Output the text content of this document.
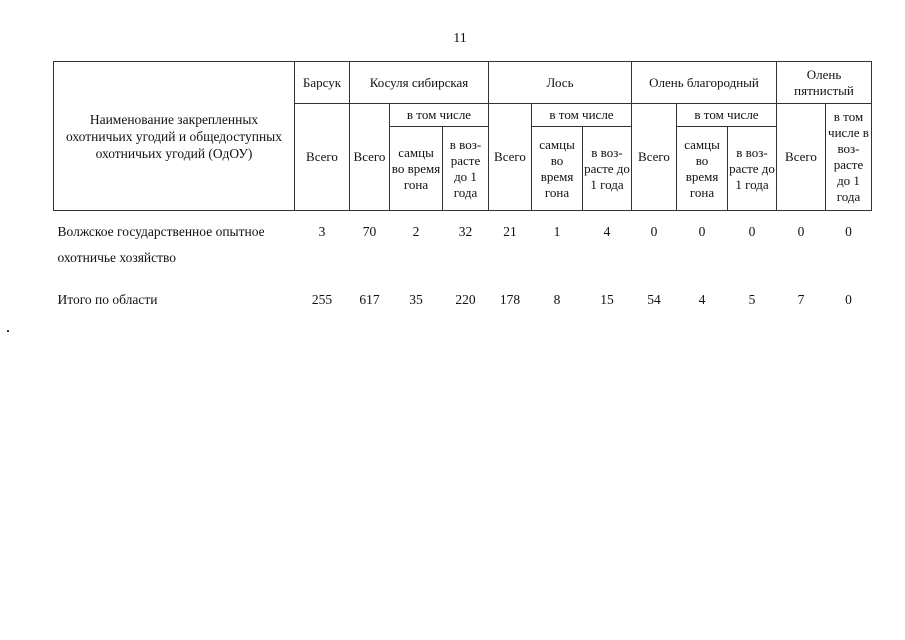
11
Наименование закрепленных охотничьих угодий и общедоступных охотничьих угодий (ОдОУ)	Барсук	Косуля сибирская			Лось			Олень благородный			Олень пятнистый	
	Всего	Всего	в том числе		Всего	в том числе		Всего	в том числе		Всего	в том числе в воз-расте до 1 года
			самцы во время гона	в воз-расте до 1 года		самцы во время гона	в воз-расте до 1 года		самцы во время гона	в воз-расте до 1 года		
Волжское государственное опытное охотничье хозяйство	3	70	2	32	21	1	4	0	0	0	0	0
Итого по области	255	617	35	220	178	8	15	54	4	5	7	0
